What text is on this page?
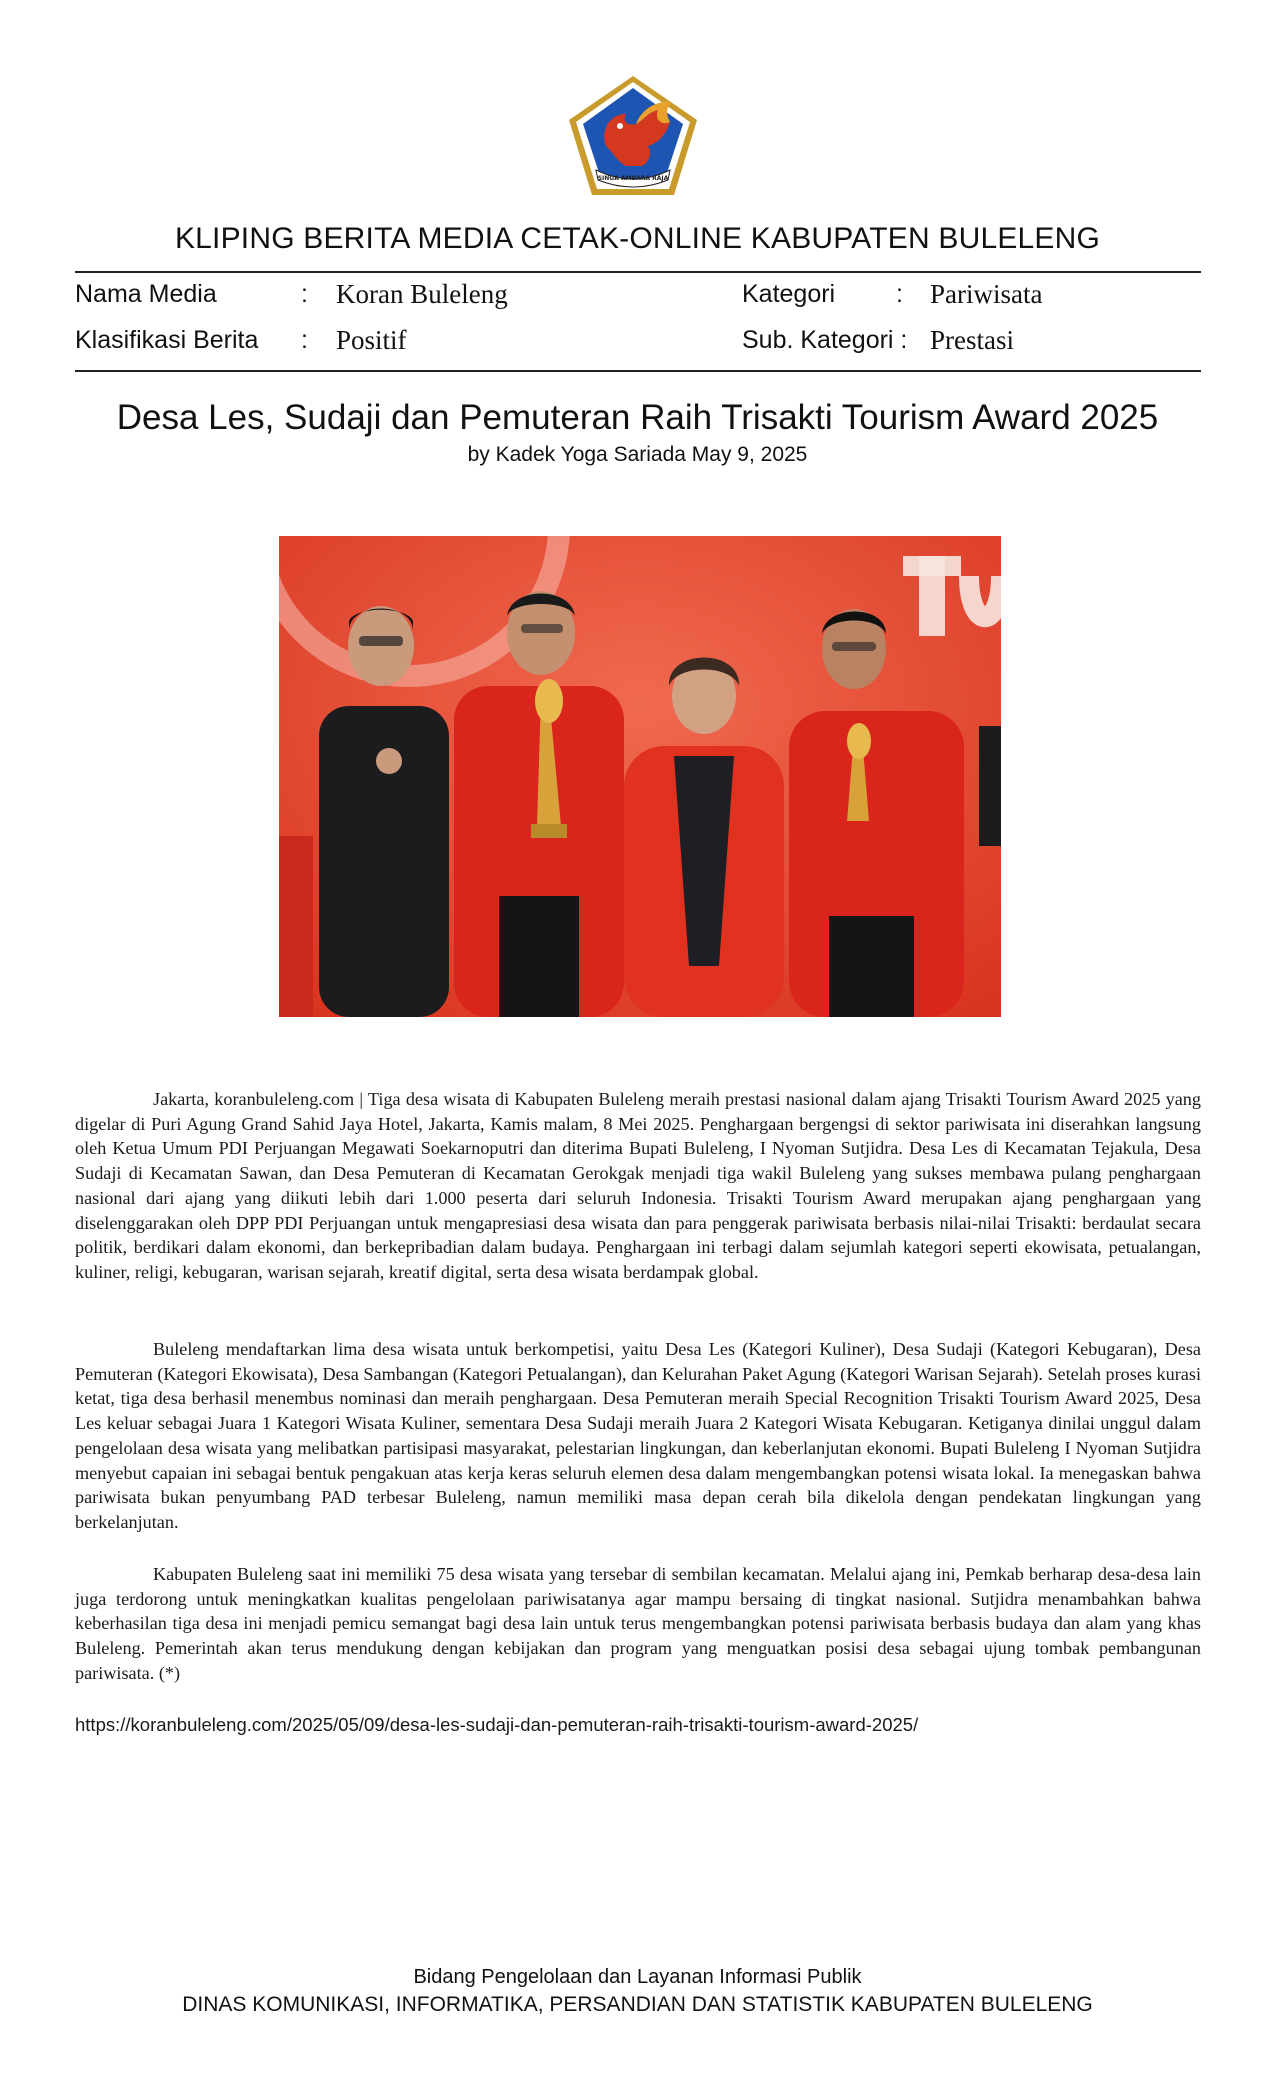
SINGA AMBARA RAJA
KLIPING BERITA MEDIA CETAK-ONLINE KABUPATEN BULELENG
Nama Media	: Koran Buleleng
Klasifikasi Berita : Positif
Kategori : Pariwisata
Sub. Kategori : Prestasi
Desa Les, Sudaji dan Pemuteran Raih Trisakti Tourism Award 2025
by Kadek Yoga Sariada May 9, 2025

Jakarta, koranbuleleng.com | Tiga desa wisata di Kabupaten Buleleng meraih prestasi nasional dalam ajang Trisakti Tourism Award 2025 yang digelar di Puri Agung Grand Sahid Jaya Hotel, Jakarta, Kamis malam, 8 Mei 2025. Penghargaan bergengsi di sektor pariwisata ini diserahkan langsung oleh Ketua Umum PDI Perjuangan Megawati Soekarnoputri dan diterima Bupati Buleleng, I Nyoman Sutjidra. Desa Les di Kecamatan Tejakula, Desa Sudaji di Kecamatan Sawan, dan Desa Pemuteran di Kecamatan Gerokgak menjadi tiga wakil Buleleng yang sukses membawa pulang penghargaan nasional dari ajang yang diikuti lebih dari 1.000 peserta dari seluruh Indonesia. Trisakti Tourism Award merupakan ajang penghargaan yang diselenggarakan oleh DPP PDI Perjuangan untuk mengapresiasi desa wisata dan para penggerak pariwisata berbasis nilai-nilai Trisakti: berdaulat secara politik, berdikari dalam ekonomi, dan berkepribadian dalam budaya. Penghargaan ini terbagi dalam sejumlah kategori seperti ekowisata, petualangan, kuliner, religi, kebugaran, warisan sejarah, kreatif digital, serta desa wisata berdampak global.

Buleleng mendaftarkan lima desa wisata untuk berkompetisi, yaitu Desa Les (Kategori Kuliner), Desa Sudaji (Kategori Kebugaran), Desa Pemuteran (Kategori Ekowisata), Desa Sambangan (Kategori Petualangan), dan Kelurahan Paket Agung (Kategori Warisan Sejarah). Setelah proses kurasi ketat, tiga desa berhasil menembus nominasi dan meraih penghargaan. Desa Pemuteran meraih Special Recognition Trisakti Tourism Award 2025, Desa Les keluar sebagai Juara 1 Kategori Wisata Kuliner, sementara Desa Sudaji meraih Juara 2 Kategori Wisata Kebugaran. Ketiganya dinilai unggul dalam pengelolaan desa wisata yang melibatkan partisipasi masyarakat, pelestarian lingkungan, dan keberlanjutan ekonomi. Bupati Buleleng I Nyoman Sutjidra menyebut capaian ini sebagai bentuk pengakuan atas kerja keras seluruh elemen desa dalam mengembangkan potensi wisata lokal. Ia menegaskan bahwa pariwisata bukan penyumbang PAD terbesar Buleleng, namun memiliki masa depan cerah bila dikelola dengan pendekatan lingkungan yang berkelanjutan.

Kabupaten Buleleng saat ini memiliki 75 desa wisata yang tersebar di sembilan kecamatan. Melalui ajang ini, Pemkab berharap desa-desa lain juga terdorong untuk meningkatkan kualitas pengelolaan pariwisatanya agar mampu bersaing di tingkat nasional. Sutjidra menambahkan bahwa keberhasilan tiga desa ini menjadi pemicu semangat bagi desa lain untuk terus mengembangkan potensi pariwisata berbasis budaya dan alam yang khas Buleleng. Pemerintah akan terus mendukung dengan kebijakan dan program yang menguatkan posisi desa sebagai ujung tombak pembangunan pariwisata. (*)

https://koranbuleleng.com/2025/05/09/desa-les-sudaji-dan-pemuteran-raih-trisakti-tourism-award-2025/
Bidang Pengelolaan dan Layanan Informasi Publik
DINAS KOMUNIKASI, INFORMATIKA, PERSANDIAN DAN STATISTIK KABUPATEN BULELENG
